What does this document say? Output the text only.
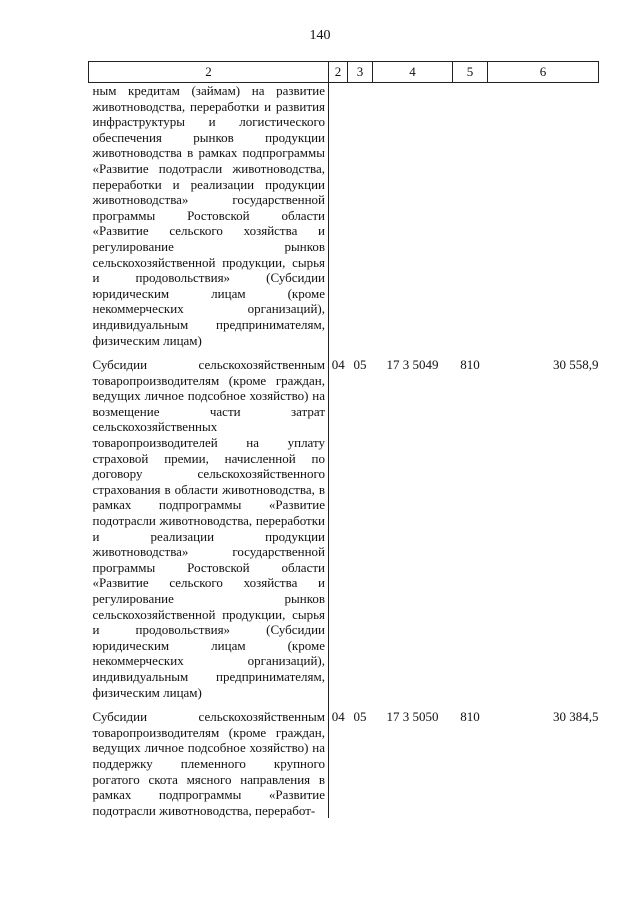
140
2	2	3	4	5	6

ным кредитам (займам) на развитие животноводства, переработки и развития инфраструктуры и логистического обеспечения рынков продукции животноводства в рамках подпрограммы «Развитие подотрасли животноводства, переработки и реализации продукции животноводства» государственной программы Ростовской области «Развитие сельского хозяйства и регулирование рынков сельскохозяйственной продукции, сырья и продовольствия» (Субсидии юридическим лицам (кроме некоммерческих организаций), индивидуальным предпринимателям, физическим лицам)					

Субсидии сельскохозяйственным товаропроизводителям (кроме граждан, ведущих личное подсобное хозяйство) на возмещение части затрат сельскохозяйственных товаропроизводителей на уплату страховой премии, начисленной по договору сельскохозяйственного страхования в области животноводства, в рамках подпрограммы «Развитие подотрасли животноводства, переработки и реализации продукции животноводства» государственной программы Ростовской области «Развитие сельского хозяйства и регулирование рынков сельскохозяйственной продукции, сырья и продовольствия» (Субсидии юридическим лицам (кроме некоммерческих организаций), индивидуальным предпринимателям, физическим лицам)	04	05	17 3 5049	810	30 558,9

Субсидии сельскохозяйственным товаропроизводителям (кроме граждан, ведущих личное подсобное хозяйство) на поддержку племенного крупного рогатого скота мясного направления в рамках подпрограммы «Развитие подотрасли животноводства, переработ-	04	05	17 3 5050	810	30 384,5
